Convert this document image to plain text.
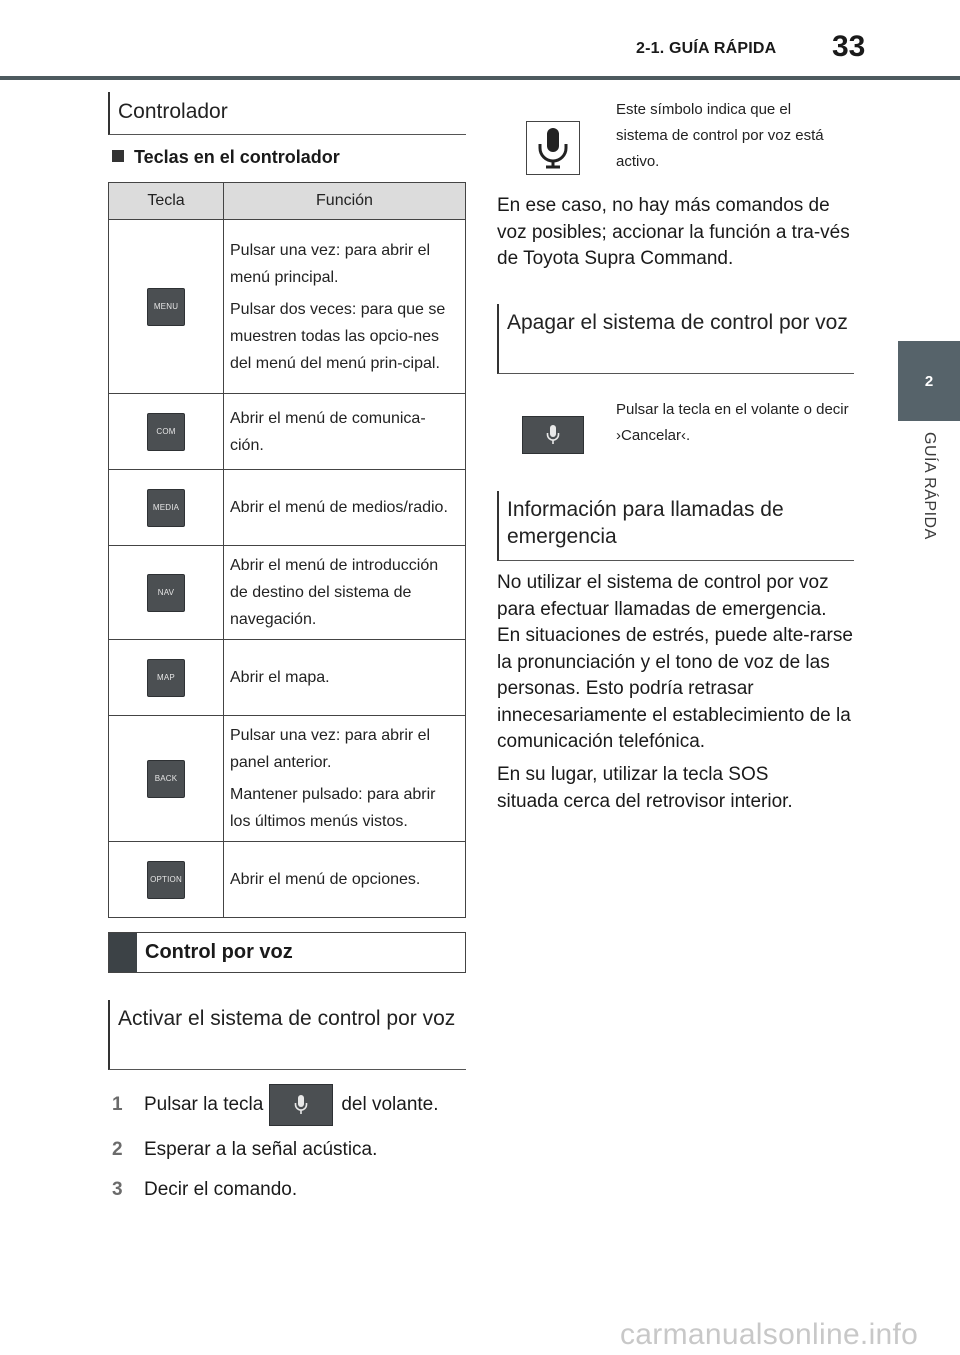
2-1. GUÍA RÁPIDA 33
2
GUÍA RÁPIDA
Controlador
Teclas en el controlador
Tecla	Función
MENU	Pulsar una vez: para abrir el menú principal.

Pulsar dos veces: para que se muestren todas las opcio-nes del menú del menú prin-cipal.

COM	Abrir el menú de comunica-ción.

MEDIA	Abrir el menú de medios/radio.

NAV	Abrir el menú de introducción de destino del sistema de navegación.

MAP	Abrir el mapa.

BACK	Pulsar una vez: para abrir el panel anterior.

Mantener pulsado: para abrir los últimos menús vistos.

OPTION	Abrir el menú de opciones.

Control por voz
Activar el sistema de control por voz
1	Pulsar la tecla	del volante.
2	Esperar a la señal acústica.
3	Decir el comando.
Este símbolo indica que el sistema de control por voz está activo.
En ese caso, no hay más comandos de voz posibles; accionar la función a tra-vés de Toyota Supra Command.
Apagar el sistema de control por voz
Pulsar la tecla en el volante o decir ›Cancelar‹.
Información para llamadas de emergencia
No utilizar el sistema de control por voz para efectuar llamadas de emergencia. En situaciones de estrés, puede alte-rarse la pronunciación y el tono de voz de las personas. Esto podría retrasar innecesariamente el establecimiento de la comunicación telefónica.
En su lugar, utilizar la tecla SOS situada cerca del retrovisor interior.
carmanualsonline.info
